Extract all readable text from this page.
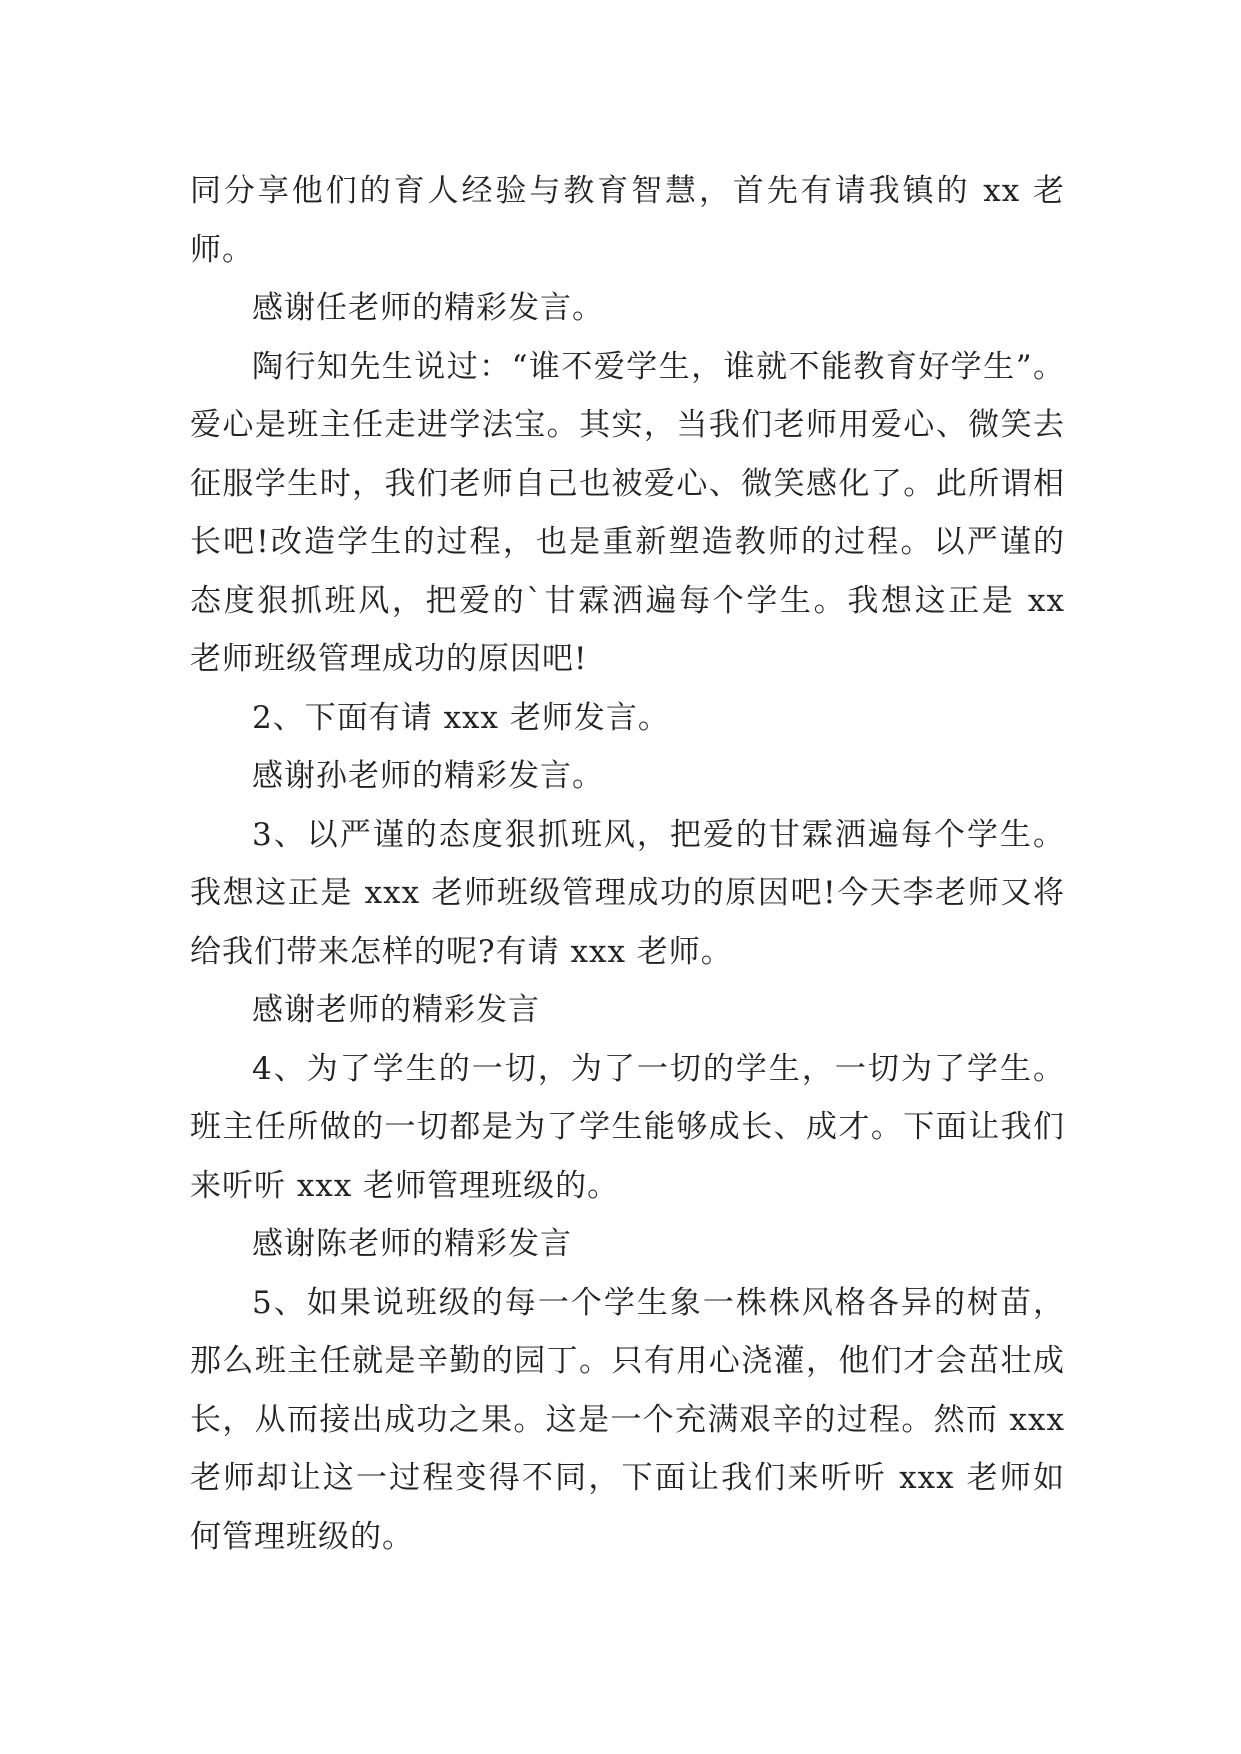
同分享他们的育人经验与教育智慧，首先有请我镇的 xx 老师。

感谢任老师的精彩发言。

陶行知先生说过：“谁不爱学生，谁就不能教育好学生”。爱心是班主任走进学法宝。其实，当我们老师用爱心、微笑去征服学生时，我们老师自己也被爱心、微笑感化了。此所谓相长吧!改造学生的过程，也是重新塑造教师的过程。以严谨的态度狠抓班风，把爱的`甘霖洒遍每个学生。我想这正是 xx 老师班级管理成功的原因吧!

2、下面有请 xxx 老师发言。

感谢孙老师的精彩发言。

3、以严谨的态度狠抓班风，把爱的甘霖洒遍每个学生。我想这正是 xxx 老师班级管理成功的原因吧!今天李老师又将给我们带来怎样的呢?有请 xxx 老师。

感谢老师的精彩发言

4、为了学生的一切，为了一切的学生，一切为了学生。班主任所做的一切都是为了学生能够成长、成才。下面让我们来听听 xxx 老师管理班级的。

感谢陈老师的精彩发言

5、如果说班级的每一个学生象一株株风格各异的树苗，那么班主任就是辛勤的园丁。只有用心浇灌，他们才会茁壮成长，从而接出成功之果。这是一个充满艰辛的过程。然而 xxx 老师却让这一过程变得不同，下面让我们来听听 xxx 老师如何管理班级的。
